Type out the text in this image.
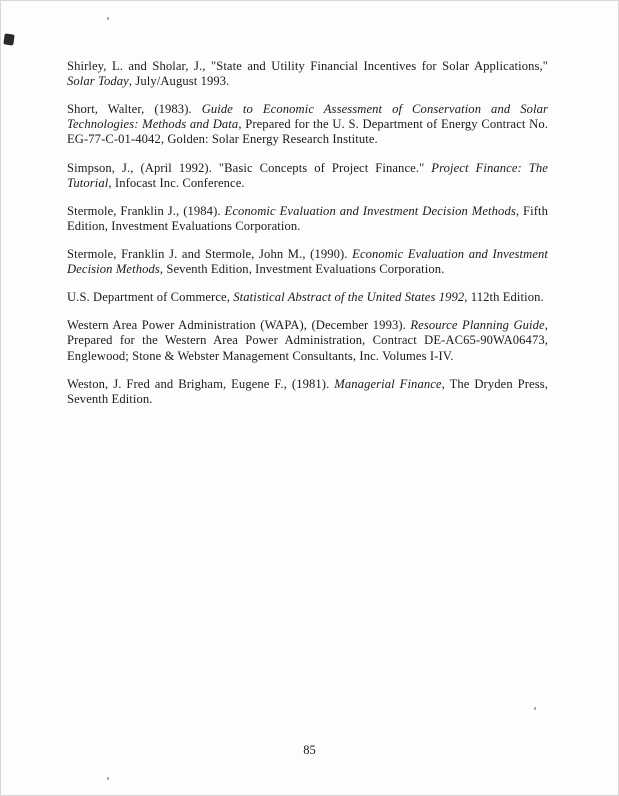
Shirley, L. and Sholar, J., "State and Utility Financial Incentives for Solar Applications," Solar Today, July/August 1993.

Short, Walter, (1983). Guide to Economic Assessment of Conservation and Solar Technologies: Methods and Data, Prepared for the U. S. Department of Energy Contract No. EG-77-C-01-4042, Golden: Solar Energy Research Institute.

Simpson, J., (April 1992). "Basic Concepts of Project Finance." Project Finance: The Tutorial, Infocast Inc. Conference.

Stermole, Franklin J., (1984). Economic Evaluation and Investment Decision Methods, Fifth Edition, Investment Evaluations Corporation.

Stermole, Franklin J. and Stermole, John M., (1990). Economic Evaluation and Investment Decision Methods, Seventh Edition, Investment Evaluations Corporation.

U.S. Department of Commerce, Statistical Abstract of the United States 1992, 112th Edition.

Western Area Power Administration (WAPA), (December 1993). Resource Planning Guide, Prepared for the Western Area Power Administration, Contract DE-AC65-90WA06473, Englewood; Stone & Webster Management Consultants, Inc. Volumes I-IV.

Weston, J. Fred and Brigham, Eugene F., (1981). Managerial Finance, The Dryden Press, Seventh Edition.

85
